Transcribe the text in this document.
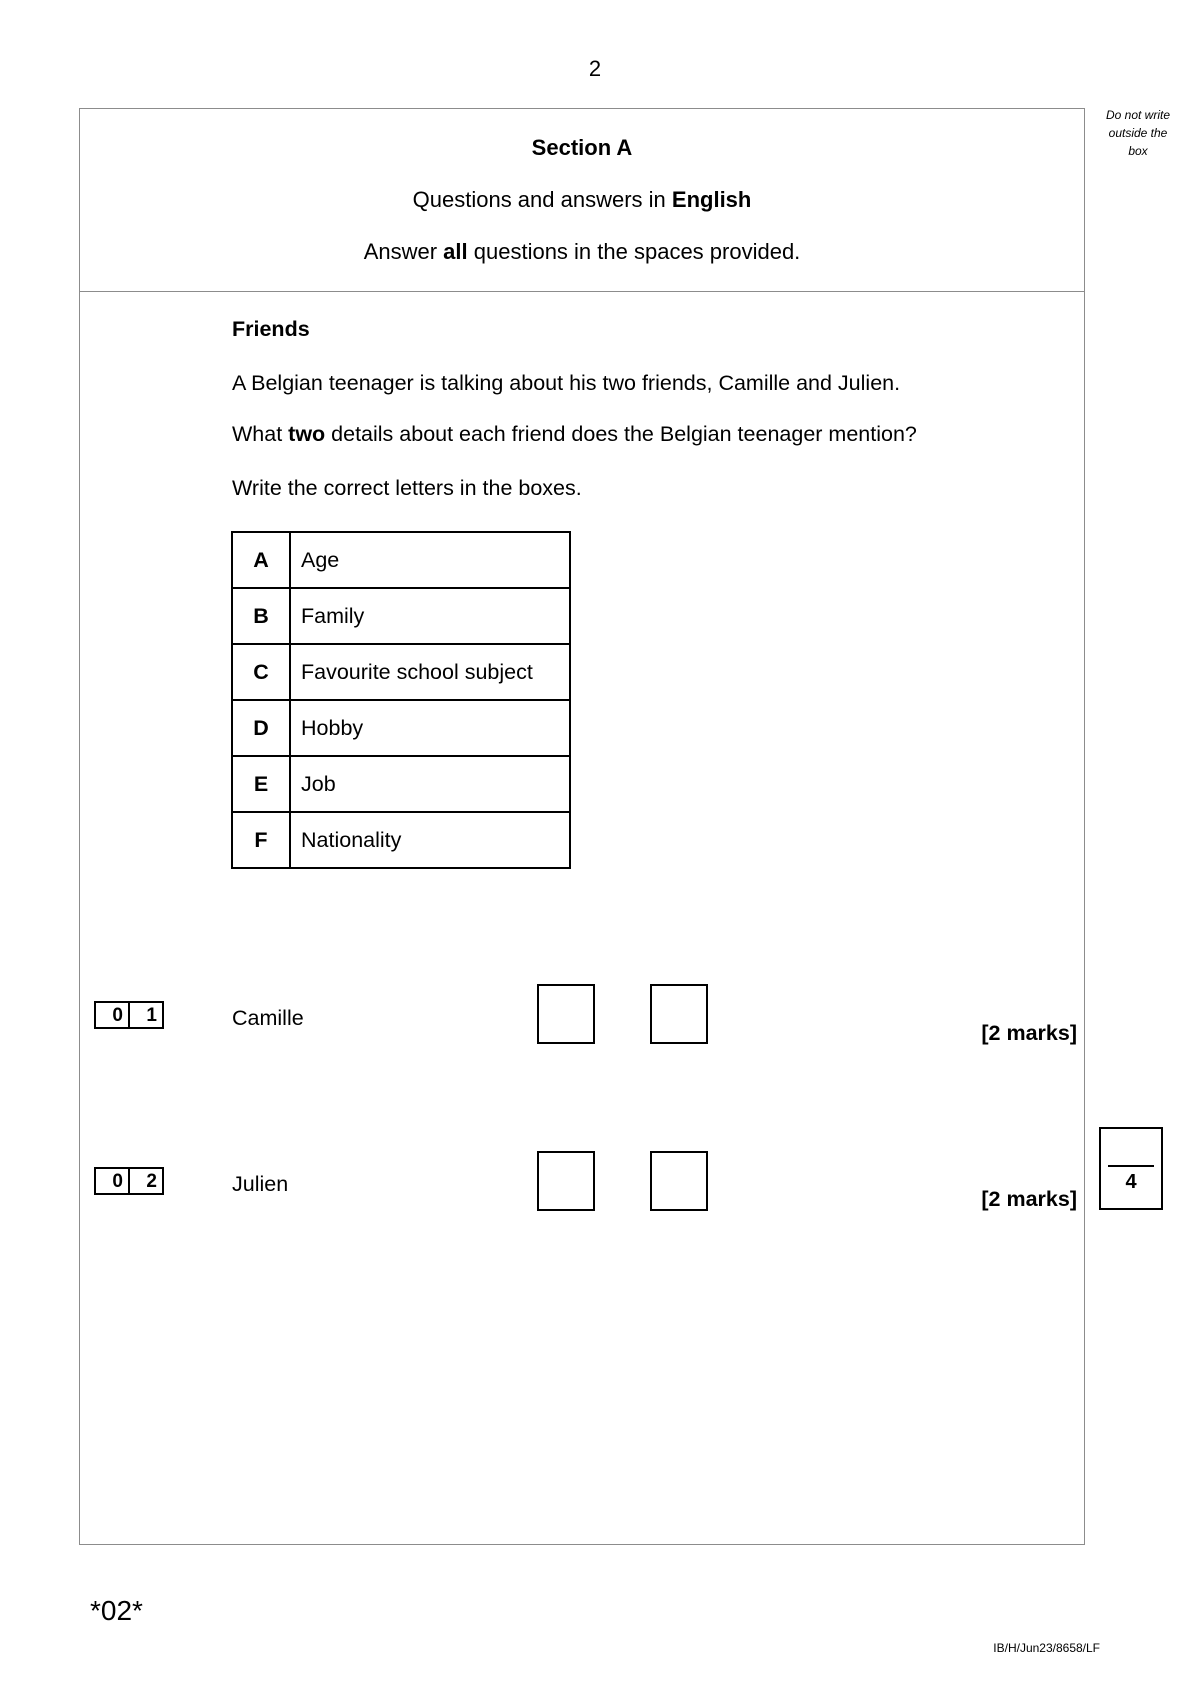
2
Do not write outside the box
Section A
Questions and answers in English
Answer all questions in the spaces provided.
Friends
A Belgian teenager is talking about his two friends, Camille and Julien.
What two details about each friend does the Belgian teenager mention?
Write the correct letters in the boxes.
A	Age
B	Family
C	Favourite school subject
D	Hobby
E	Job
F	Nationality
0	1	Camille
[2 marks]
0	2	Julien
[2 marks]
4
*02*
IB/H/Jun23/8658/LF
